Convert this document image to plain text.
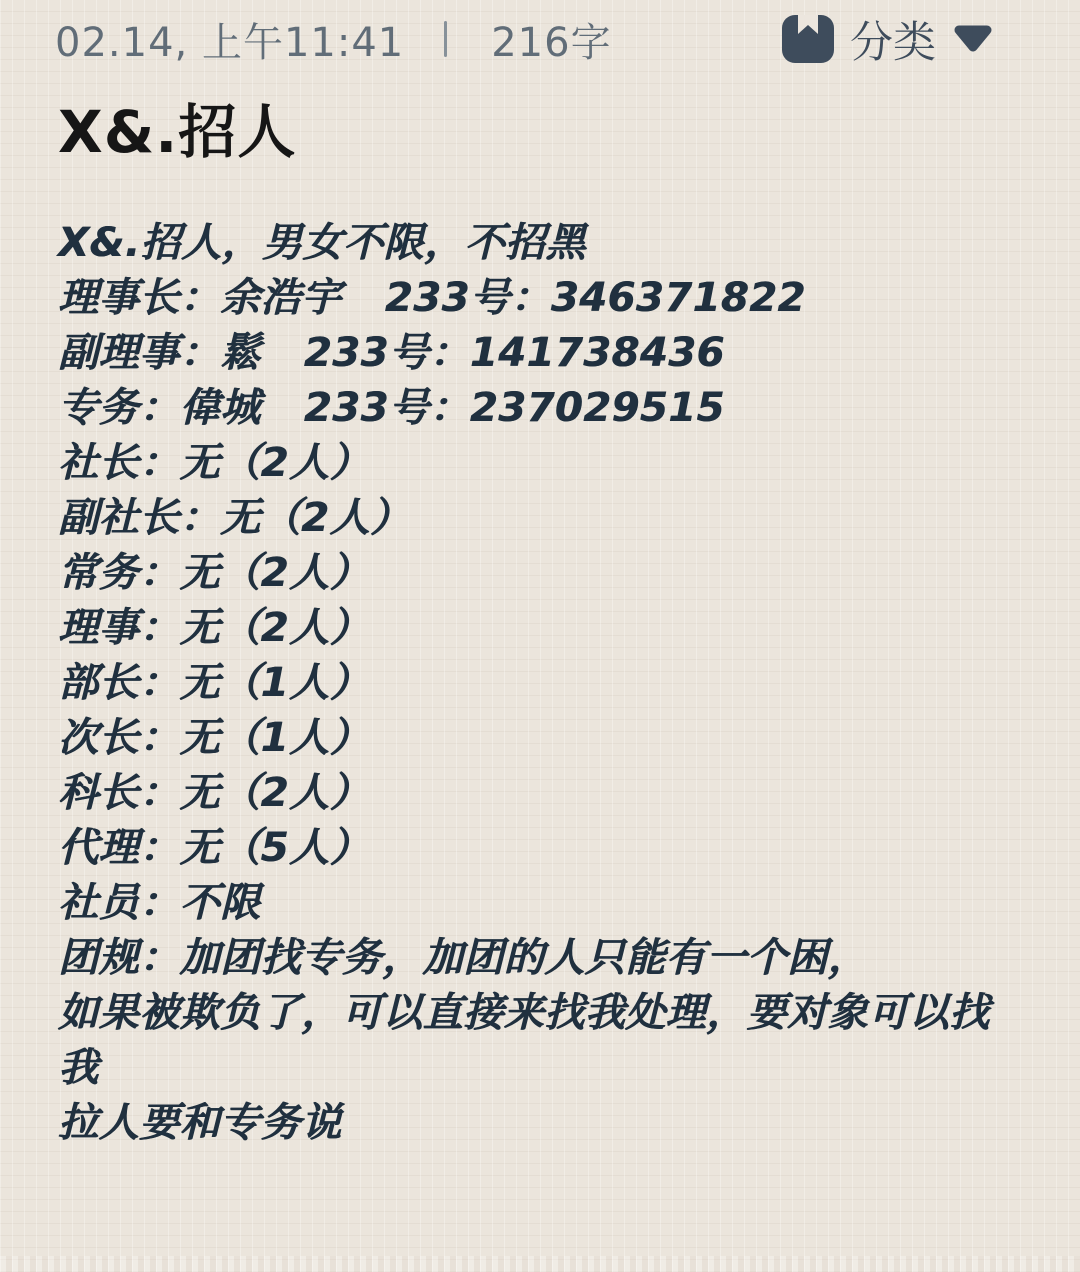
02.14, 上午11:41 216字	分类
X&.招人
X&.招人，男女不限，不招黑
理事长：余浩宇   233号：346371822
副理事：鬆   233号：141738436
专务：偉城   233号：237029515
社长：无（2人）
副社长：无（2人）
常务：无（2人）
理事：无（2人）
部长：无（1人）
次长：无（1人）
科长：无（2人）
代理：无（5人）
社员：不限
团规：加团找专务，加团的人只能有一个困，
如果被欺负了，可以直接来找我处理，要对象可以找我
拉人要和专务说
